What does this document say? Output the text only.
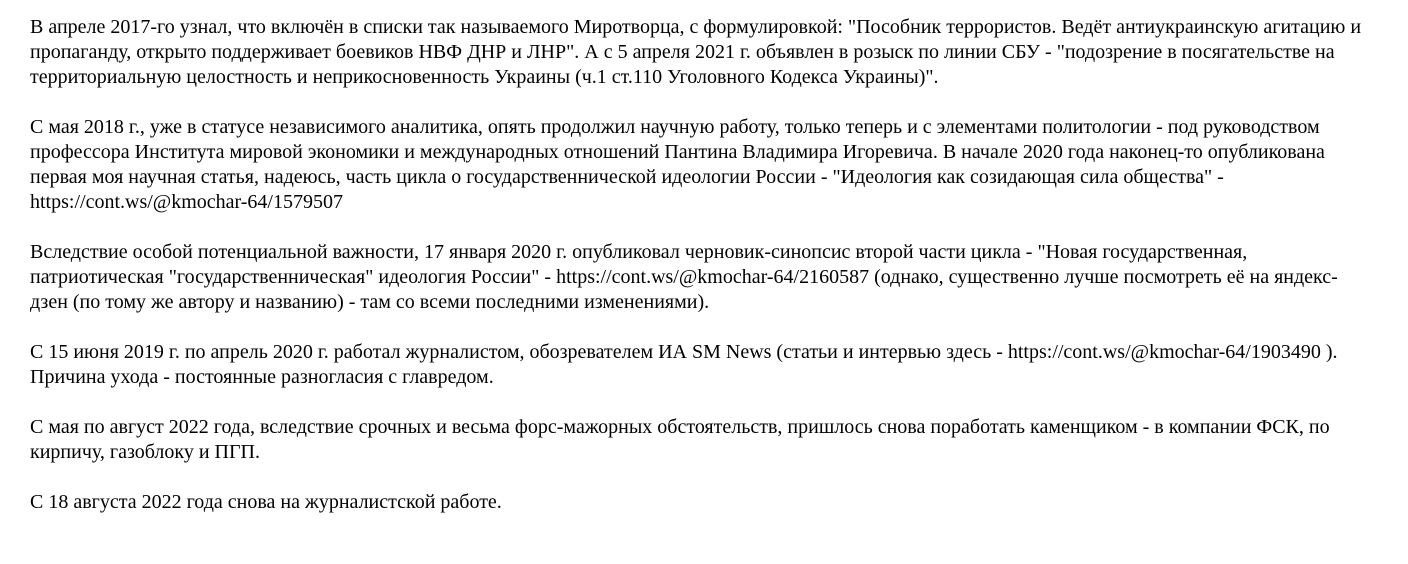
В апреле 2017-го узнал, что включён в списки так называемого Миротворца, с формулировкой: "Пособник террористов. Ведёт антиукраинскую агитацию и пропаганду, открыто поддерживает боевиков НВФ ДНР и ЛНР". А с 5 апреля 2021 г. объявлен в розыск по линии СБУ - "подозрение в посягательстве на территориальную целостность и неприкосновенность Украины (ч.1 ст.110 Уголовного Кодекса Украины)".

С мая 2018 г., уже в статусе независимого аналитика, опять продолжил научную работу, только теперь и с элементами политологии - под руководством профессора Института мировой экономики и международных отношений Пантина Владимира Игоревича. В начале 2020 года наконец-то опубликована первая моя научная статья, надеюсь, часть цикла о государственнической идеологии России - "Идеология как созидающая сила общества" - https://cont.ws/@kmochar-64/1579507

Вследствие особой потенциальной важности, 17 января 2020 г. опубликовал черновик-синопсис второй части цикла - "Новая государственная, патриотическая "государственническая" идеология России" - https://cont.ws/@kmochar-64/2160587 (однако, существенно лучше посмотреть её на яндекс-дзен (по тому же автору и названию) - там со всеми последними изменениями).

С 15 июня 2019 г. по апрель 2020 г. работал журналистом, обозревателем ИА SM News (статьи и интервью здесь - https://cont.ws/@kmochar-64/1903490 ). Причина ухода - постоянные разногласия с главредом.

С мая по август 2022 года, вследствие срочных и весьма форс-мажорных обстоятельств, пришлось снова поработать каменщиком - в компании ФСК, по кирпичу, газоблоку и ПГП.

С 18 августа 2022 года снова на журналистской работе.
